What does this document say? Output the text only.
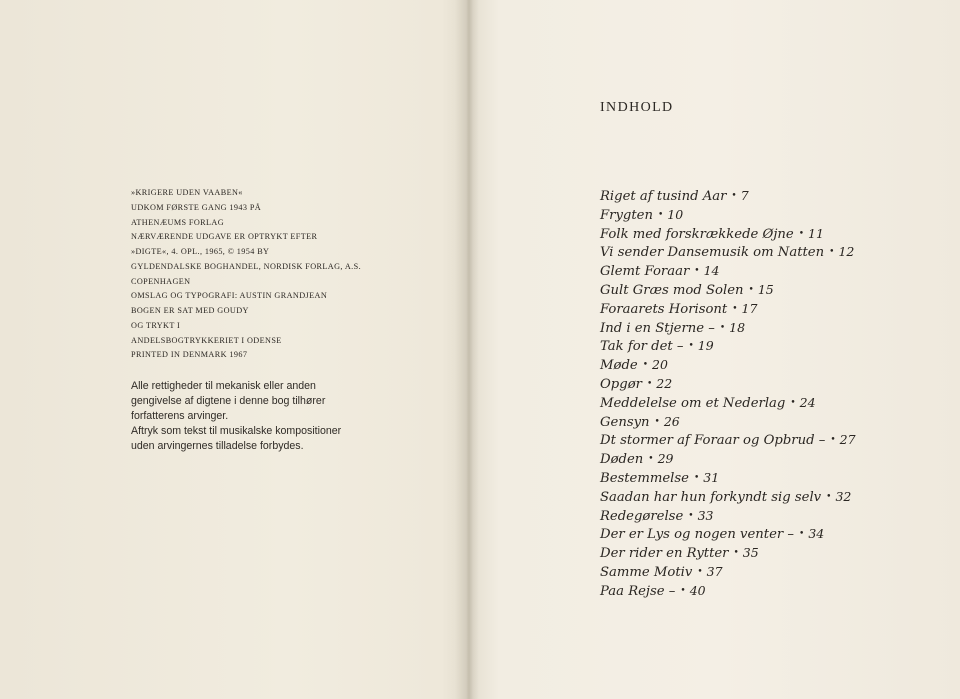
»KRIGERE UDEN VAABEN«
UDKOM FØRSTE GANG 1943 PÅ
ATHENÆUMS FORLAG
NÆRVÆRENDE UDGAVE ER OPTRYKT EFTER
»DIGTE«, 4. OPL., 1965, © 1954 BY
GYLDENDALSKE BOGHANDEL, NORDISK FORLAG, A.S.
COPENHAGEN
OMSLAG OG TYPOGRAFI: AUSTIN GRANDJEAN
BOGEN ER SAT MED GOUDY
OG TRYKT I
ANDELSBOGTRYKKERIET I ODENSE
PRINTED IN DENMARK 1967
Alle rettigheder til mekanisk eller anden
gengivelse af digtene i denne bog tilhører
forfatterens arvinger.
Aftryk som tekst til musikalske kompositioner
uden arvingernes tilladelse forbydes.
INDHOLD
Riget af tusind Aar • 7
Frygten • 10
Folk med forskrækkede Øjne • 11
Vi sender Dansemusik om Natten • 12
Glemt Foraar • 14
Gult Græs mod Solen • 15
Foraarets Horisont • 17
Ind i en Stjerne – • 18
Tak for det – • 19
Møde • 20
Opgør • 22
Meddelelse om et Nederlag • 24
Gensyn • 26
Dt stormer af Foraar og Opbrud – • 27
Døden • 29
Bestemmelse • 31
Saadan har hun forkyndt sig selv • 32
Redegørelse • 33
Der er Lys og nogen venter – • 34
Der rider en Rytter • 35
Samme Motiv • 37
Paa Rejse – • 40
